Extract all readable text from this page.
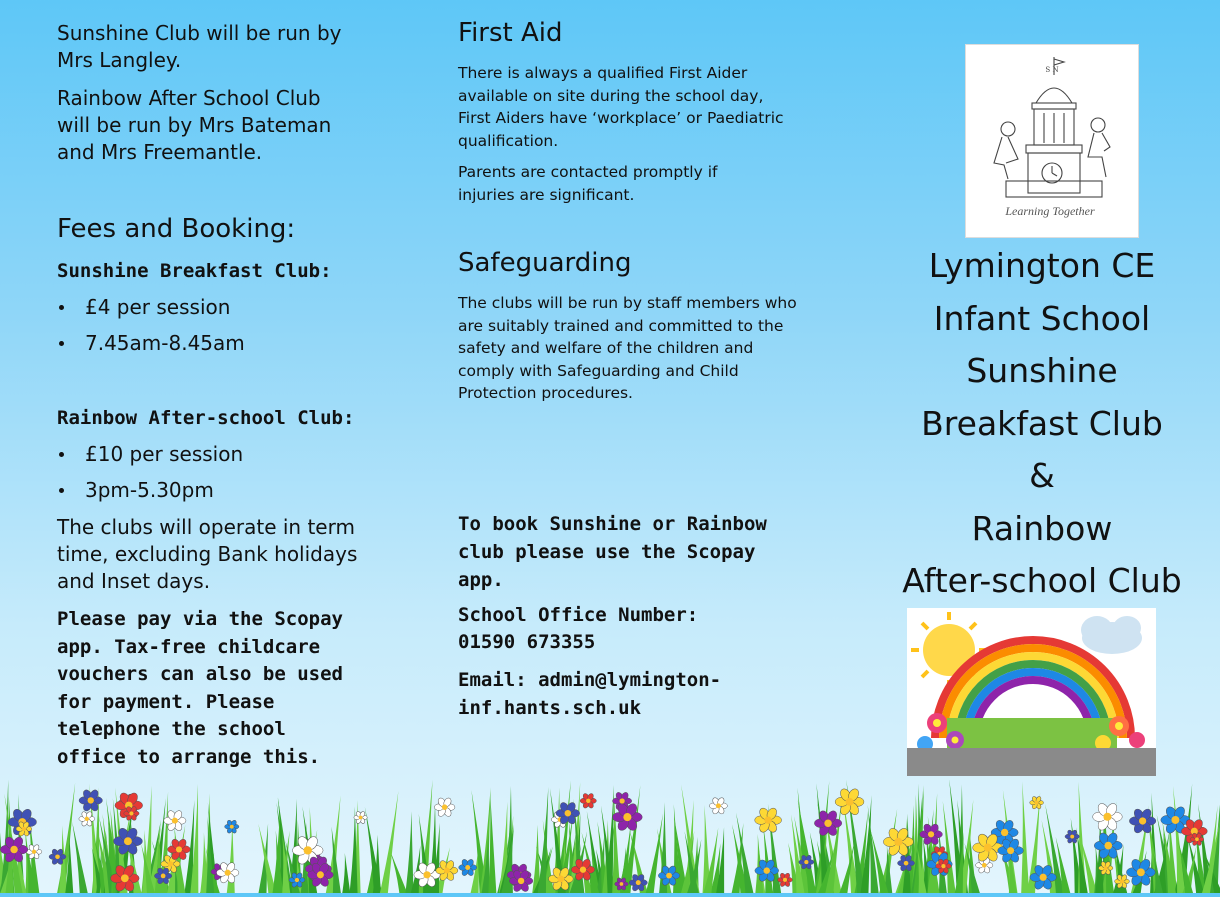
Sunshine Club will be run by Mrs Langley.

Rainbow After School Club will be run by Mrs Bateman and Mrs Freemantle.

Fees and Booking:

Sunshine Breakfast Club:

£4 per session
7.45am-8.45am

Rainbow After-school Club:

£10 per session
3pm-5.30pm

The clubs will operate in term time, excluding Bank holidays and Inset days.

Please pay via the Scopay app. Tax-free childcare vouchers can also be used for payment. Please telephone the school office to arrange this.

First Aid

There is always a qualified First Aider available on site during the school day, First Aiders have ‘workplace’ or Paediatric qualification.

Parents are contacted promptly if injuries are significant.

Safeguarding

The clubs will be run by staff members who are suitably trained and committed to the safety and welfare of the children and comply with Safeguarding and Child Protection procedures.

To book Sunshine or Rainbow club please use the Scopay app.

School Office Number:

01590 673355

Email: admin@lymington-inf.hants.sch.uk

S N
Learning Together
Lymington CE
Infant School
Sunshine
Breakfast Club
&
Rainbow
After-school Club
